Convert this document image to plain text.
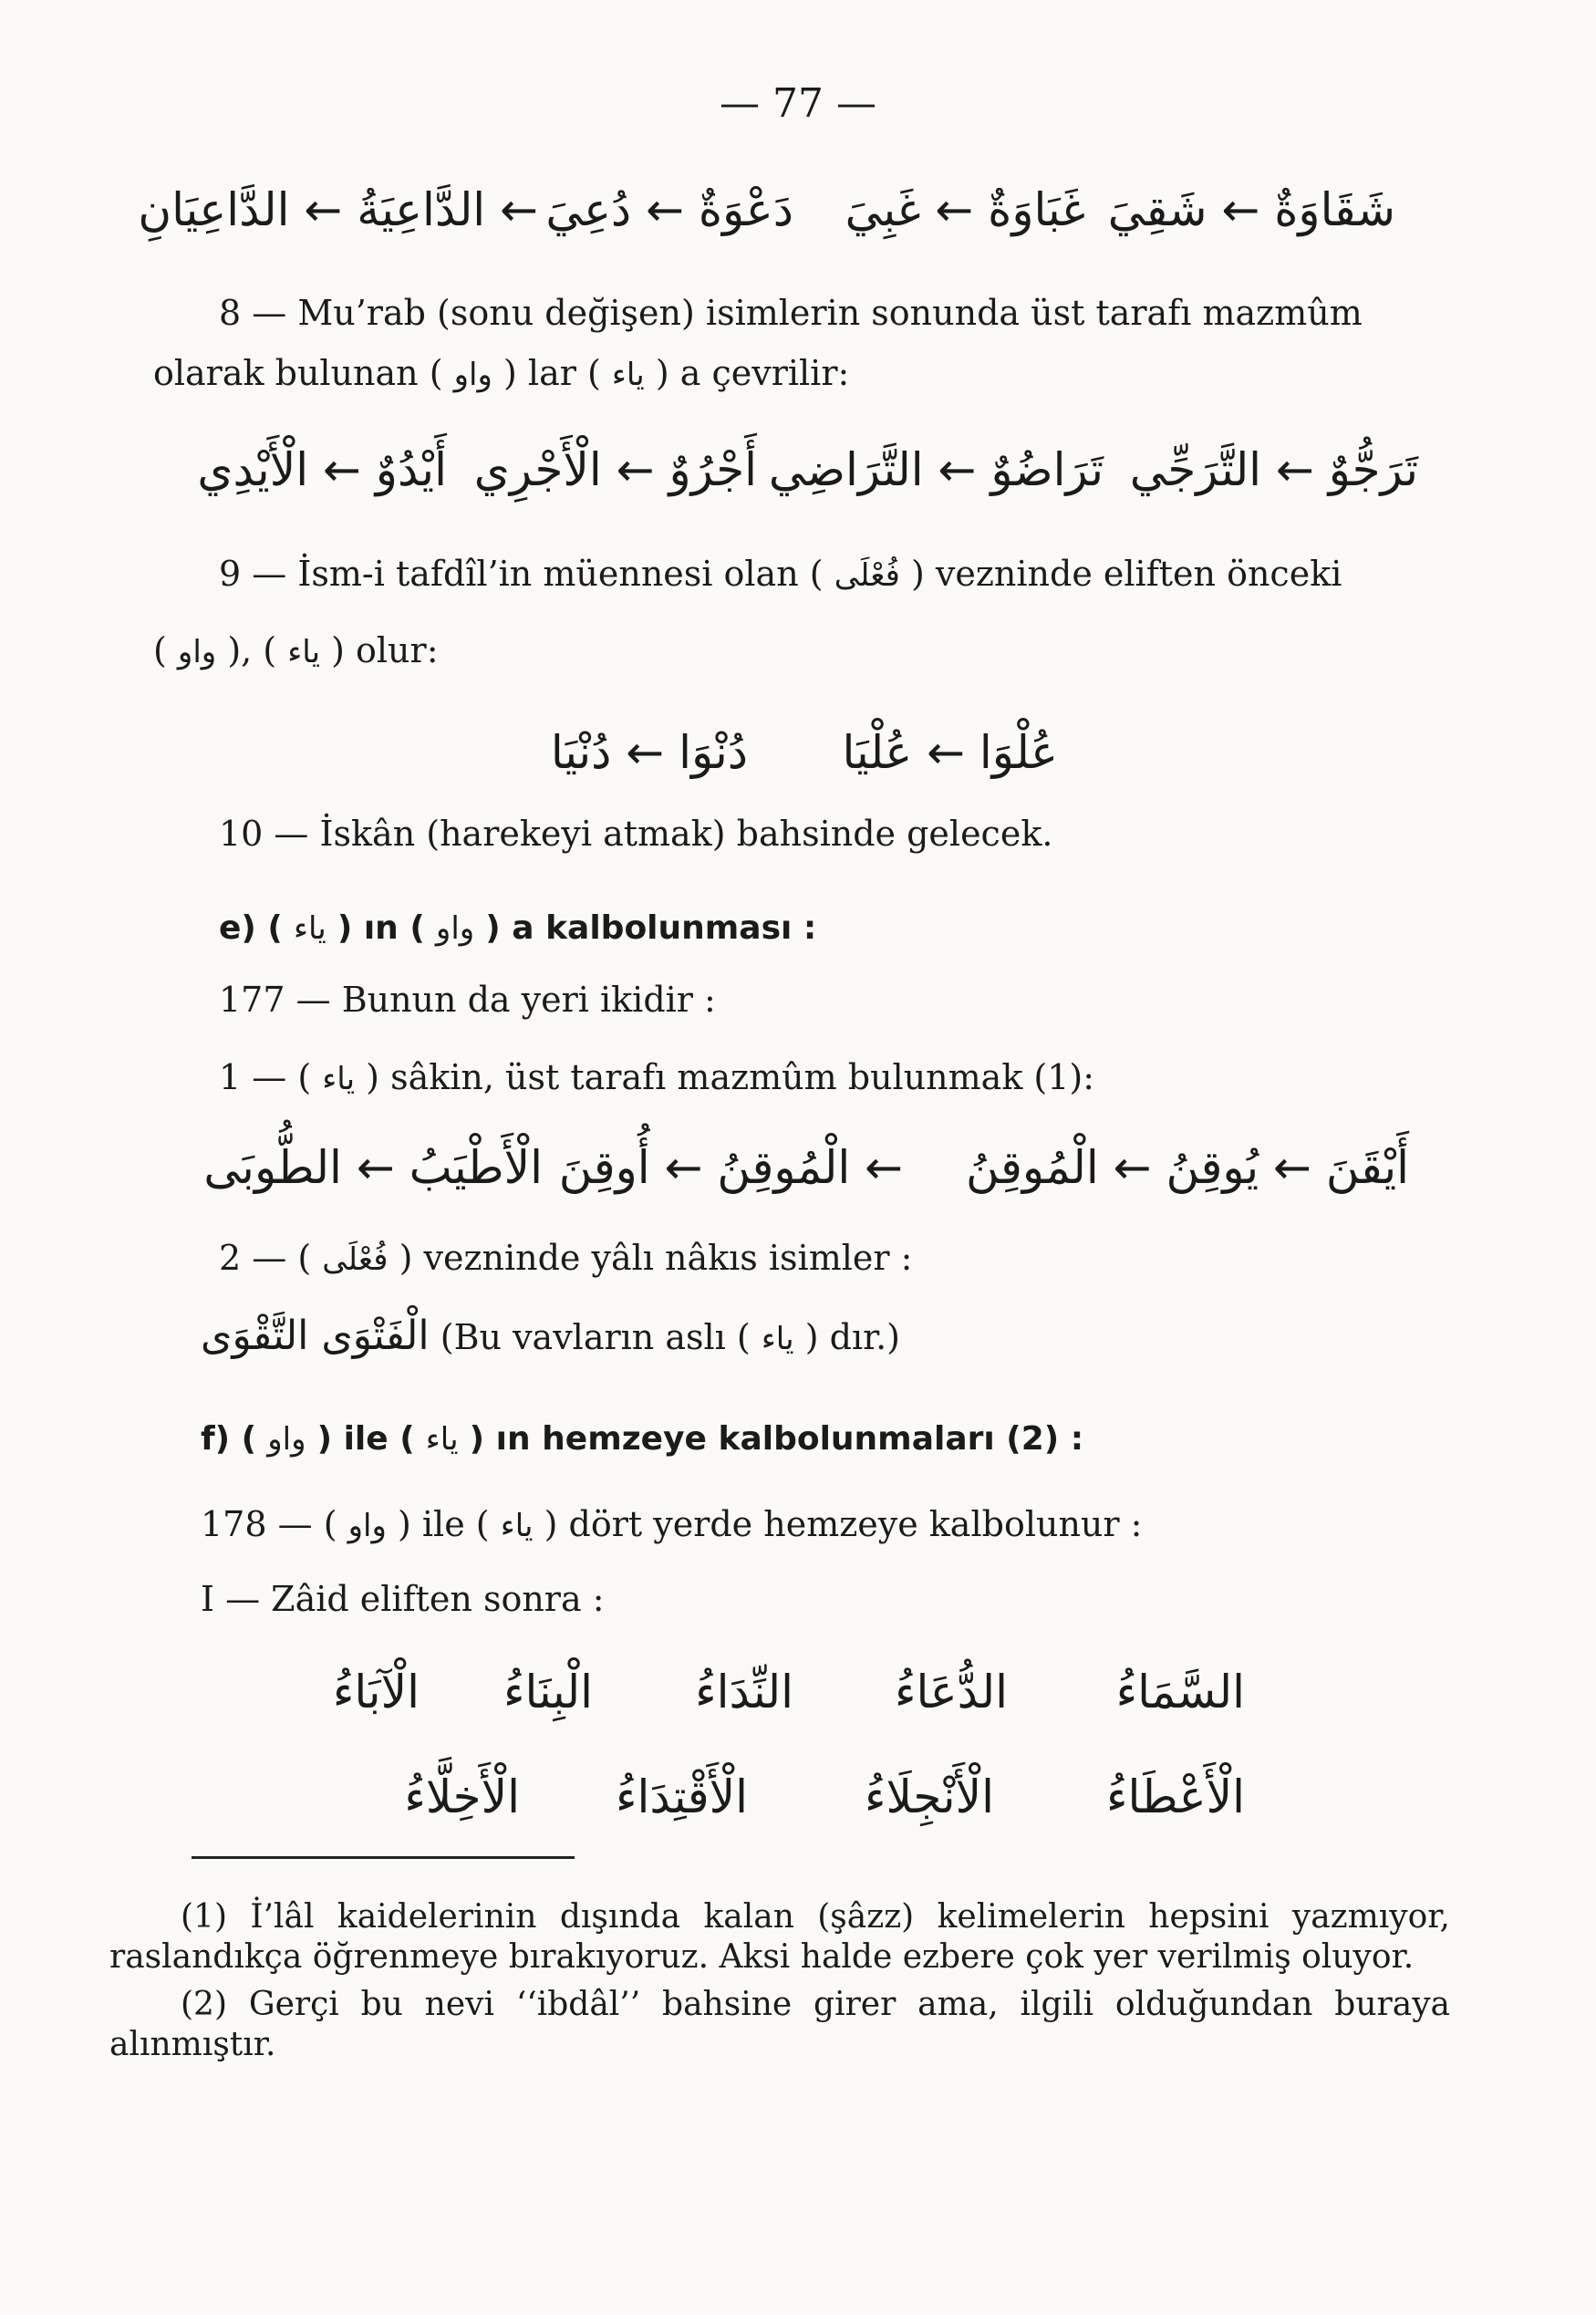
— 77 —
شَقَاوَةٌ ← شَقِيَ
غَبَاوَةٌ ← غَبِيَ
دَعْوَةٌ ← دُعِيَ
← الدَّاعِيَةُ ← الدَّاعِيَانِ
8 — Mu’rab (sonu değişen) isimlerin sonunda üst tarafı mazmûm
olarak bulunan ( واو ) lar ( ياء ) a çevrilir:
تَرَجُّوٌ ← التَّرَجِّي
تَرَاضُوٌ ← التَّرَاضِي
أَجْرُوٌ ← الْأَجْرِي
أَيْدُوٌ ← الْأَيْدِي
9 — İsm-i tafdîl’in müennesi olan ( فُعْلَى ) vezninde eliften önceki
( واو ), ( ياء ) olur:
عُلْوَا ← عُلْيَا
دُنْوَا ← دُنْيَا
10 — İskân (harekeyi atmak) bahsinde gelecek.
e) ( ياء ) ın ( واو ) a kalbolunması :
177 — Bunun da yeri ikidir :
1 — ( ياء ) sâkin, üst tarafı mazmûm bulunmak (1):
أَيْقَنَ ← يُوقِنُ ← الْمُوقِنُ
← الْمُوقِنُ ← أُوقِنَ
الْأَطْيَبُ ← الطُّوبَى
2 — ( فُعْلَى ) vezninde yâlı nâkıs isimler :
الْفَتْوَى التَّقْوَى (Bu vavların aslı ( ياء ) dır.)
f) ( واو ) ile ( ياء ) ın hemzeye kalbolunmaları (2) :
178 — ( واو ) ile ( ياء ) dört yerde hemzeye kalbolunur :
I — Zâid eliften sonra :
السَّمَاءُ
الدُّعَاءُ
النِّدَاءُ
الْبِنَاءُ
الْآبَاءُ
الْأَعْطَاءُ
الْأَنْجِلَاءُ
الْأَقْتِدَاءُ
الْأَخِلَّاءُ

(1) İ’lâl kaidelerinin dışında kalan (şâzz) kelimelerin hepsini yazmıyor, raslandıkça öğrenmeye bırakıyoruz. Aksi halde ezbere çok yer verilmiş oluyor.

(2) Gerçi bu nevi ‘‘ibdâl’’ bahsine girer ama, ilgili olduğundan buraya alınmıştır.
